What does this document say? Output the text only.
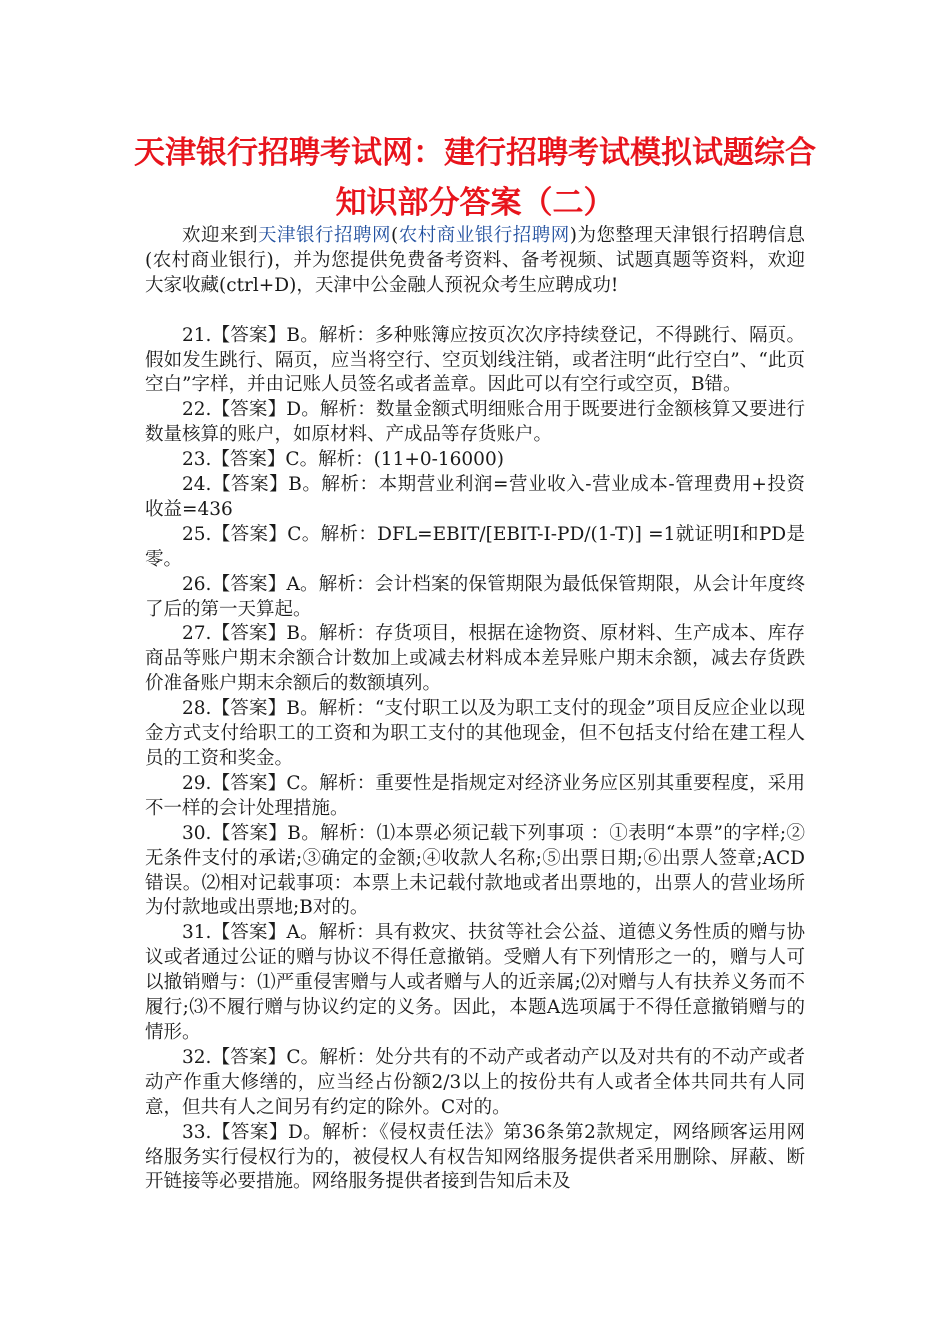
天津银行招聘考试网：建行招聘考试模拟试题综合
知识部分答案（二）

欢迎来到天津银行招聘网(农村商业银行招聘网)为您整理天津银行招聘信息(农村商业银行)，并为您提供免费备考资料、备考视频、试题真题等资料，欢迎大家收藏(ctrl+D)，天津中公金融人预祝众考生应聘成功!

21.【答案】B。解析：多种账簿应按页次次序持续登记，不得跳行、隔页。假如发生跳行、隔页，应当将空行、空页划线注销，或者注明“此行空白”、“此页空白”字样，并由记账人员签名或者盖章。因此可以有空行或空页，B错。

22.【答案】D。解析：数量金额式明细账合用于既要进行金额核算又要进行数量核算的账户，如原材料、产成品等存货账户。

23.【答案】C。解析：(11+0-16000)

24.【答案】B。解析：本期营业利润=营业收入-营业成本-管理费用+投资收益=436

25.【答案】C。解析：DFL=EBIT/[EBIT-I-PD/(1-T)] =1就证明I和PD是零。

26.【答案】A。解析：会计档案的保管期限为最低保管期限，从会计年度终了后的第一天算起。

27.【答案】B。解析：存货项目，根据在途物资、原材料、生产成本、库存商品等账户期末余额合计数加上或减去材料成本差异账户期末余额，减去存货跌价准备账户期末余额后的数额填列。

28.【答案】B。解析：“支付职工以及为职工支付的现金”项目反应企业以现金方式支付给职工的工资和为职工支付的其他现金，但不包括支付给在建工程人员的工资和奖金。

29.【答案】C。解析：重要性是指规定对经济业务应区别其重要程度，采用不一样的会计处理措施。

30.【答案】B。解析：⑴本票必须记载下列事项 ：①表明“本票”的字样;②无条件支付的承诺;③确定的金额;④收款人名称;⑤出票日期;⑥出票人签章;ACD错误。⑵相对记载事项：本票上未记载付款地或者出票地的，出票人的营业场所为付款地或出票地;B对的。

31.【答案】A。解析：具有救灾、扶贫等社会公益、道德义务性质的赠与协议或者通过公证的赠与协议不得任意撤销。受赠人有下列情形之一的，赠与人可以撤销赠与：⑴严重侵害赠与人或者赠与人的近亲属;⑵对赠与人有扶养义务而不履行;⑶不履行赠与协议约定的义务。因此，本题A选项属于不得任意撤销赠与的情形。

32.【答案】C。解析：处分共有的不动产或者动产以及对共有的不动产或者动产作重大修缮的，应当经占份额2/3以上的按份共有人或者全体共同共有人同意，但共有人之间另有约定的除外。C对的。

33.【答案】D。解析：《侵权责任法》第36条第2款规定，网络顾客运用网络服务实行侵权行为的，被侵权人有权告知网络服务提供者采用删除、屏蔽、断开链接等必要措施。网络服务提供者接到告知后未及
